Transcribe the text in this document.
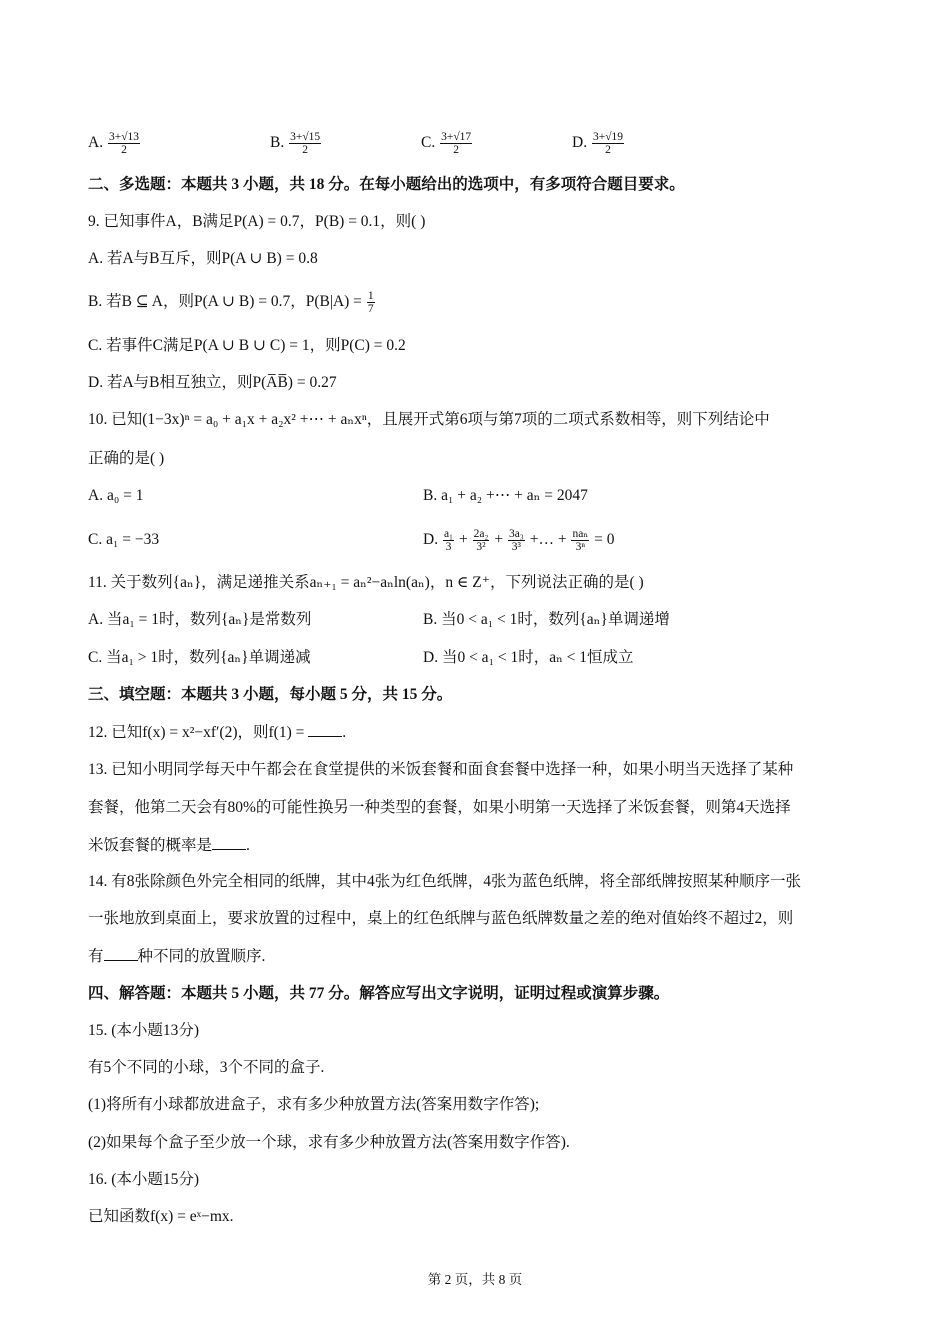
A. $\frac{3+√13}{2}$	B. $\frac{3+√15}{2}$	C. $\frac{3+√17}{2}$	D. $\frac{3+√19}{2}$
二、多选题：本题共 3 小题，共 18 分。在每小题给出的选项中，有多项符合题目要求。
9. 已知事件A，B满足P(A) = 0.7，P(B) = 0.1，则( )
A. 若A与B互斥，则P(A ∪ B) = 0.8
B. 若B ⊆ A，则P(A ∪ B) = 0.7，$P(B|A) = \frac{1}{7}$
C. 若事件C满足P(A ∪ B ∪ C) = 1，则P(C) = 0.2
D. 若A与B相互独立，则P(A̅B̅) = 0.27
10. 已知(1−3x)ⁿ = a₀ + a₁x + a₂x² +⋯ + aₙxⁿ，且展开式第6项与第7项的二项式系数相等，则下列结论中
正确的是( )
A. a₀ = 1	B. a₁ + a₂ +⋯ + aₙ = 2047
C. a₁ = −33	D. $\frac{\text{a₁}}{3} + \frac{\text{2a₂}}{\text{3²}} + \frac{\text{3a₃}}{\text{3³}}$ +… + $\frac{\text{naₙ}}{\text{3ⁿ}} = 0$
11. 关于数列{aₙ}，满足递推关系aₙ₊₁ = aₙ²−aₙln(aₙ)，n ∈ Z⁺，下列说法正确的是( )
A. 当a₁ = 1时，数列{aₙ}是常数列	B. 当0 < a₁ < 1时，数列{aₙ}单调递增
C. 当a₁ > 1时，数列{aₙ}单调递减	D. 当0 < a₁ < 1时，aₙ < 1恒成立
三、填空题：本题共 3 小题，每小题 5 分，共 15 分。
12. 已知f(x) = x²−xf′(2)，则f(1) = .
13. 已知小明同学每天中午都会在食堂提供的米饭套餐和面食套餐中选择一种，如果小明当天选择了某种
套餐，他第二天会有80%的可能性换另一种类型的套餐，如果小明第一天选择了米饭套餐，则第4天选择
米饭套餐的概率是 .
14. 有8张除颜色外完全相同的纸牌，其中4张为红色纸牌，4张为蓝色纸牌，将全部纸牌按照某种顺序一张
一张地放到桌面上，要求放置的过程中，桌上的红色纸牌与蓝色纸牌数量之差的绝对值始终不超过2，则
有 种不同的放置顺序.
四、解答题：本题共 5 小题，共 77 分。解答应写出文字说明，证明过程或演算步骤。
15. (本小题13分)
有5个不同的小球，3个不同的盒子.
(1)将所有小球都放进盒子，求有多少种放置方法(答案用数字作答);
(2)如果每个盒子至少放一个球，求有多少种放置方法(答案用数字作答).
16. (本小题15分)
已知函数f(x) = eˣ−mx.
第 2 页，共 8 页
